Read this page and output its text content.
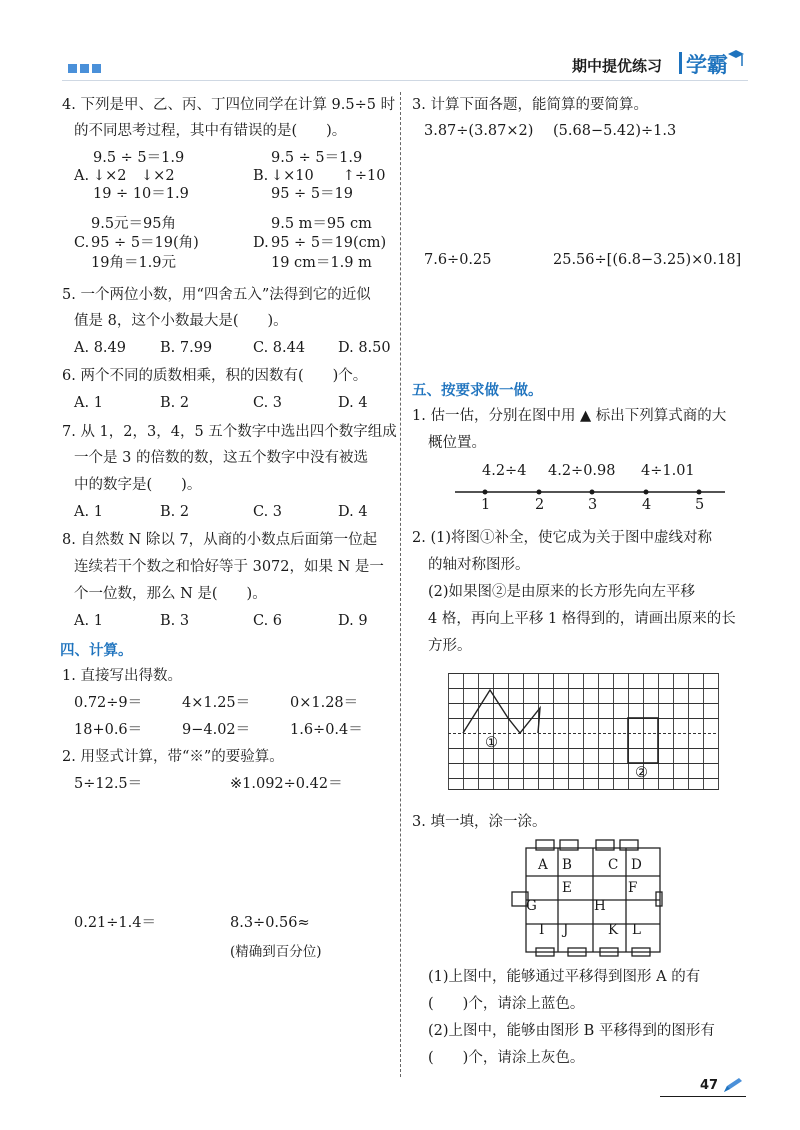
期中提优练习 学霸
4. 下列是甲、乙、丙、丁四位同学在计算 9.5÷5 时
的不同思考过程，其中有错误的是(　　)。
9.5 ÷ 5＝1.9
A. ↓×2　↓×2
19 ÷ 10＝1.9
9.5 ÷ 5＝1.9
B. ↓×10　　↑÷10
95 ÷ 5＝19
9.5元＝95角
C. 95 ÷ 5＝19(角)
19角＝1.9元
9.5 m＝95 cm
D. 95 ÷ 5＝19(cm)
19 cm＝1.9 m
5. 一个两位小数，用“四舍五入”法得到它的近似
值是 8，这个小数最大是(　　)。
A. 8.49 B. 7.99	C. 8.44 D. 8.50
6. 两个不同的质数相乘，积的因数有(　　)个。
A. 1	B. 2	C. 3	D. 4
7. 从 1，2，3，4，5 五个数字中选出四个数字组成
一个是 3 的倍数的数，这五个数字中没有被选
中的数字是(　　)。
A. 1	B. 2	C. 3	D. 4
8. 自然数 N 除以 7，从商的小数点后面第一位起
连续若干个数之和恰好等于 3072，如果 N 是一
个一位数，那么 N 是(　　)。
A. 1	B. 3	C. 6	D. 9
四、计算。
1. 直接写出得数。
0.72÷9＝	4×1.25＝	0×1.28＝
18+0.6＝	9−4.02＝	1.6÷0.4＝
2. 用竖式计算，带“※”的要验算。
5÷12.5＝	※1.092÷0.42＝
0.21÷1.4＝	8.3÷0.56≈
(精确到百分位)
3. 计算下面各题，能简算的要简算。
3.87÷(3.87×2) (5.68−5.42)÷1.3
7.6÷0.25	25.56÷[(6.8−3.25)×0.18]
五、按要求做一做。
1. 估一估，分别在图中用 ▲ 标出下列算式商的大
概位置。
4.2÷4 4.2÷0.98 4÷1.01
1	2	3	4	5
2. (1)将图①补全，使它成为关于图中虚线对称
的轴对称图形。
(2)如果图②是由原来的长方形先向左平移
4 格，再向上平移 1 格得到的，请画出原来的长
方形。
①
②
3. 填一填，涂一涂。
A B	C D
E	F
G	H
I J	K L
(1)上图中，能够通过平移得到图形 A 的有
(　　)个，请涂上蓝色。
(2)上图中，能够由图形 B 平移得到的图形有
(　　)个，请涂上灰色。
47
